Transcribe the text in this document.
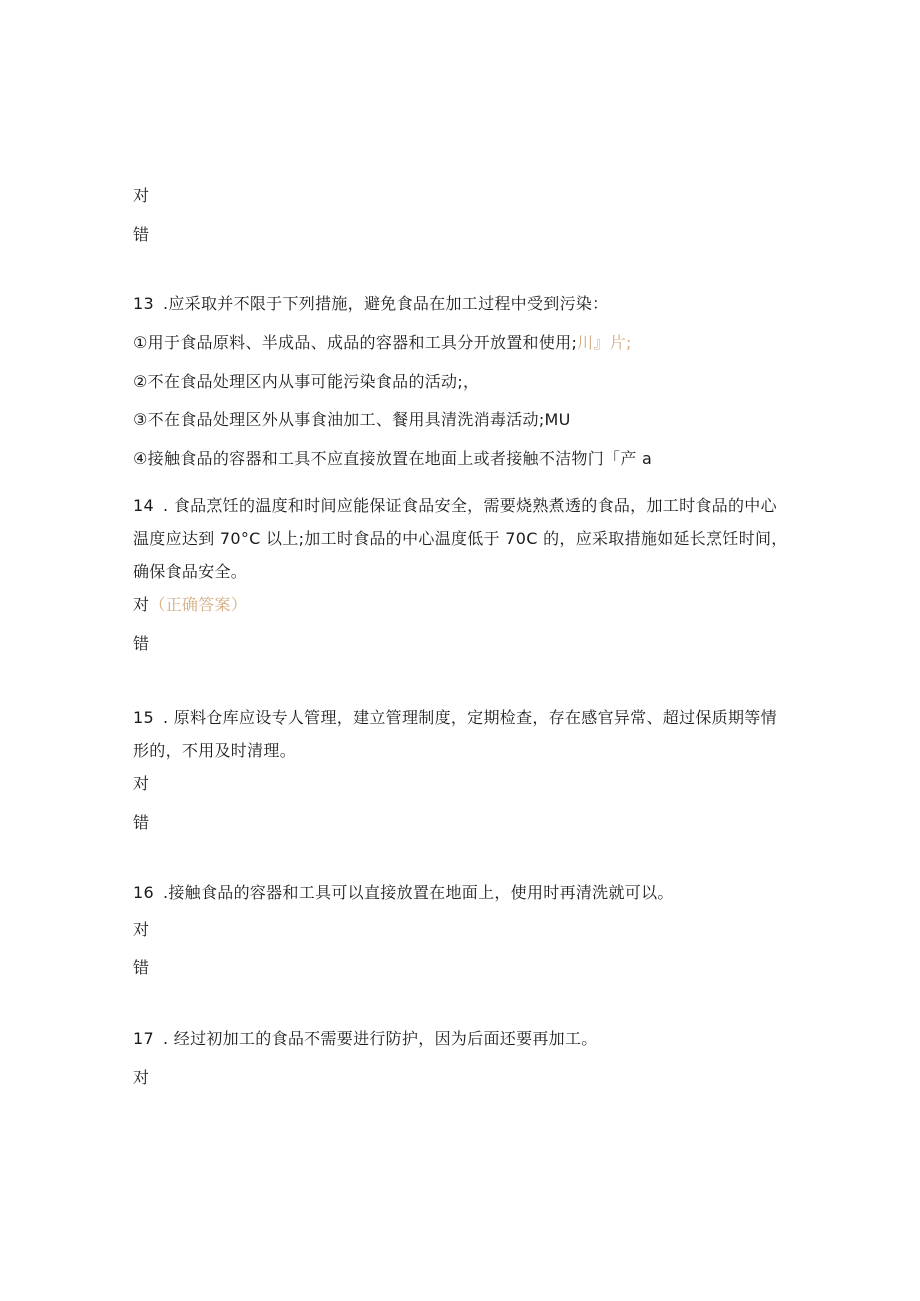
对
错
13 .应采取并不限于下列措施，避免食品在加工过程中受到污染：
①用于食品原料、半成品、成品的容器和工具分开放置和使用;川』片;
②不在食品处理区内从事可能污染食品的活动;，
③不在食品处理区外从事食油加工、餐用具清洗消毒活动;MU
④接触食品的容器和工具不应直接放置在地面上或者接触不洁物门「产 a
14 . 食品烹饪的温度和时间应能保证食品安全，需要烧熟煮透的食品，加工时食品的中心温度应达到 70°C 以上;加工时食品的中心温度低于 70C 的，应采取措施如延长烹饪时间，确保食品安全。
对（正确答案）
错
15 . 原料仓库应设专人管理，建立管理制度，定期检查，存在感官异常、超过保质期等情形的，不用及时清理。
对
错
16 .接触食品的容器和工具可以直接放置在地面上，使用时再清洗就可以。
对
错
17 . 经过初加工的食品不需要进行防护，因为后面还要再加工。
对
